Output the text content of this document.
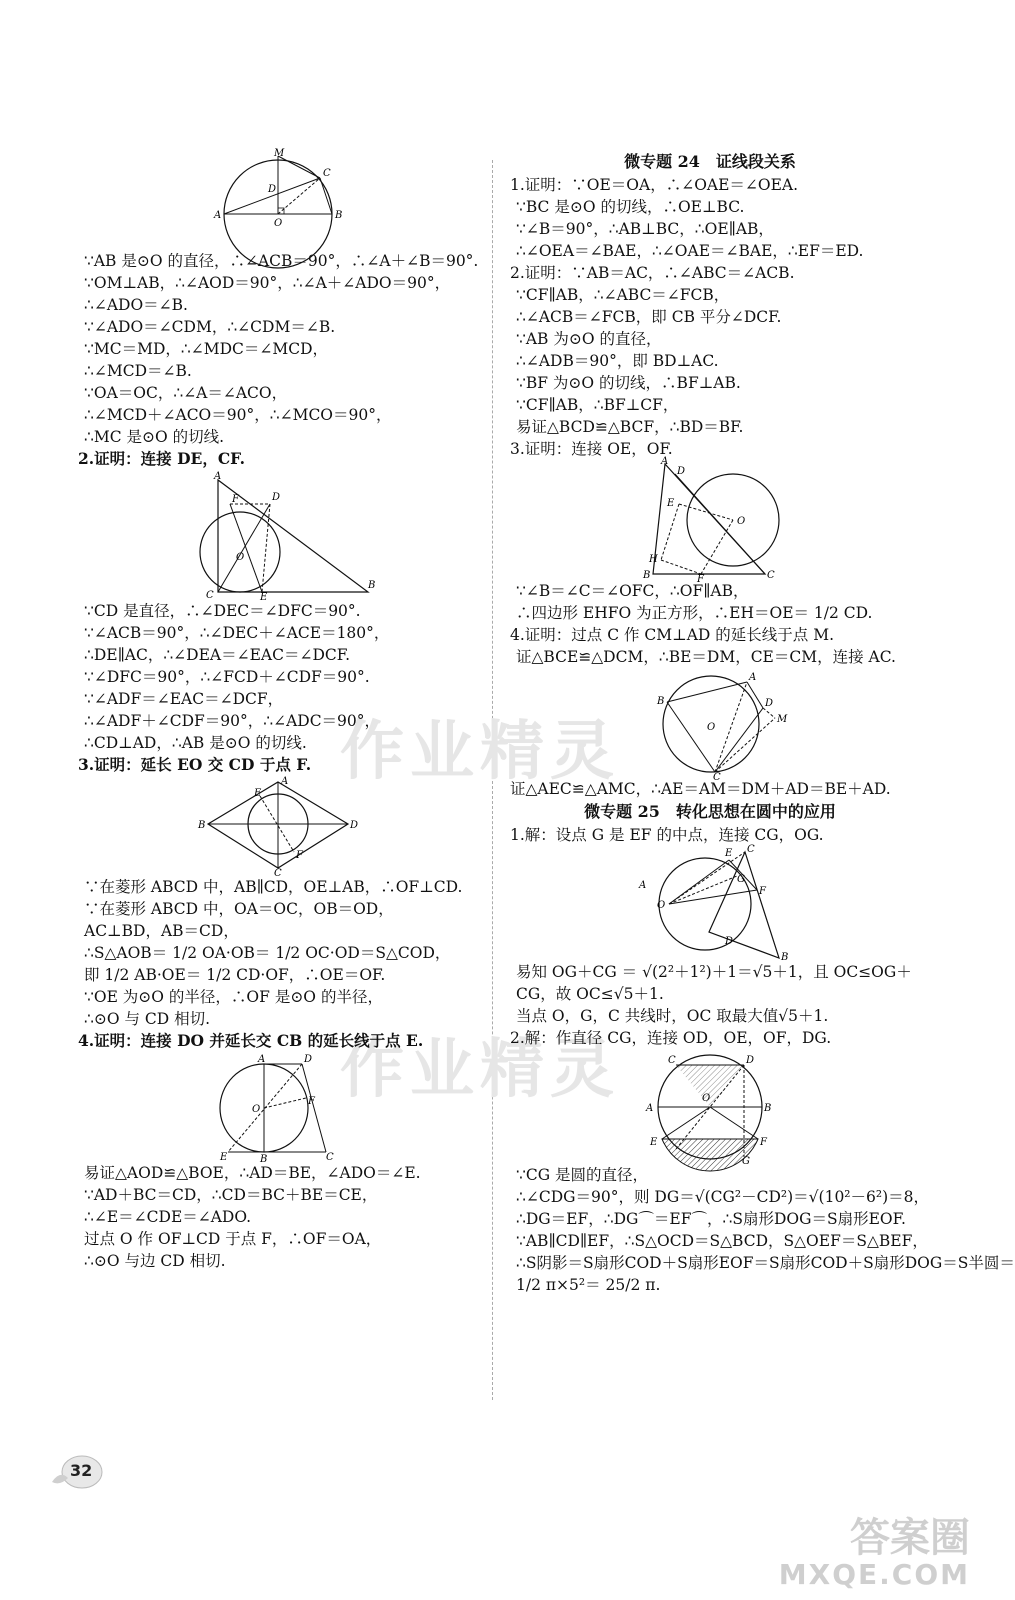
作业精灵
作业精灵
M
C
D
A	B
O
∵AB 是⊙O 的直径，∴∠ACB＝90°，∴∠A＋∠B＝90°.
∵OM⊥AB，∴∠AOD＝90°，∴∠A＋∠ADO＝90°，
∴∠ADO＝∠B.
∵∠ADO＝∠CDM，∴∠CDM＝∠B.
∵MC＝MD，∴∠MDC＝∠MCD，
∴∠MCD＝∠B.
∵OA＝OC，∴∠A＝∠ACO，
∴∠MCD＋∠ACO＝90°，∴∠MCO＝90°，
∴MC 是⊙O 的切线.
2.证明：连接 DE，CF.
A
F	D
O
C	E
B
∵CD 是直径，∴∠DEC＝∠DFC＝90°.
∵∠ACB＝90°，∴∠DEC＋∠ACE＝180°，
∴DE∥AC，∴∠DEA＝∠EAC＝∠DCF.
∵∠DFC＝90°，∴∠FCD＋∠CDF＝90°.
∵∠ADF＝∠EAC＝∠DCF，
∴∠ADF＋∠CDF＝90°，∴∠ADC＝90°，
∴CD⊥AD，∴AB 是⊙O 的切线.
3.证明：延长 EO 交 CD 于点 F.
A
E
B	D
F
C
∵在菱形 ABCD 中，AB∥CD，OE⊥AB，∴OF⊥CD.
∵在菱形 ABCD 中，OA＝OC，OB＝OD，
AC⊥BD，AB＝CD，
∴S△AOB＝ 1/2 OA·OB＝ 1/2 OC·OD＝S△COD，
即 1/2 AB·OE＝ 1/2 CD·OF，∴OE＝OF.
∵OE 为⊙O 的半径，∴OF 是⊙O 的半径，
∴⊙O 与 CD 相切.
4.证明：连接 DO 并延长交 CB 的延长线于点 E.
A	D
O
F
E	B	C
易证△AOD≌△BOE，∴AD＝BE，∠ADO＝∠E.
∵AD＋BC＝CD，∴CD＝BC＋BE＝CE，
∴∠E＝∠CDE＝∠ADO.
过点 O 作 OF⊥CD 于点 F，∴OF＝OA，
∴⊙O 与边 CD 相切.
微专题 24　证线段关系
1.证明：∵OE＝OA，∴∠OAE＝∠OEA.
∵BC 是⊙O 的切线，∴OE⊥BC.
∵∠B＝90°，∴AB⊥BC，∴OE∥AB，
∴∠OEA＝∠BAE，∴∠OAE＝∠BAE，∴EF＝ED.
2.证明：∵AB＝AC，∴∠ABC＝∠ACB.
∵CF∥AB，∴∠ABC＝∠FCB，
∴∠ACB＝∠FCB，即 CB 平分∠DCF.
∵AB 为⊙O 的直径，
∴∠ADB＝90°，即 BD⊥AC.
∵BF 为⊙O 的切线，∴BF⊥AB.
∵CF∥AB，∴BF⊥CF，
易证△BCD≌△BCF，∴BD＝BF.
3.证明：连接 OE，OF.
A
D
E
O
H
B	F	C
∵∠B＝∠C＝∠OFC，∴OF∥AB，
∴四边形 EHFO 为正方形，∴EH＝OE＝ 1/2 CD.
4.证明：过点 C 作 CM⊥AD 的延长线于点 M.
证△BCE≌△DCM，∴BE＝DM，CE＝CM，连接 AC.
B
A
D
M
O
C
证△AEC≌△AMC，∴AE＝AM＝DM＋AD＝BE＋AD.
微专题 25　转化思想在圆中的应用
1.解：设点 G 是 EF 的中点，连接 CG，OG.
E C
F
G
O
A
D
B
易知 OG＋CG ＝ √(2²＋1²)＋1＝√5＋1，且 OC≤OG＋
CG，故 OC≤√5＋1.
当点 O，G，C 共线时，OC 取最大值√5＋1.
2.解：作直径 CG，连接 OD，OE，OF，DG.
C	D
A	B
O
E	F
G
∵CG 是圆的直径，
∴∠CDG＝90°，则 DG＝√(CG²－CD²)＝√(10²－6²)＝8，
∴DG＝EF，∴DG⌒＝EF⌒，∴S扇形DOG＝S扇形EOF.
∵AB∥CD∥EF，∴S△OCD＝S△BCD，S△OEF＝S△BEF，
∴S阴影＝S扇形COD＋S扇形EOF＝S扇形COD＋S扇形DOG＝S半圆＝
1/2 π×5²＝ 25/2 π.
32
答案圈
MXQE.COM
